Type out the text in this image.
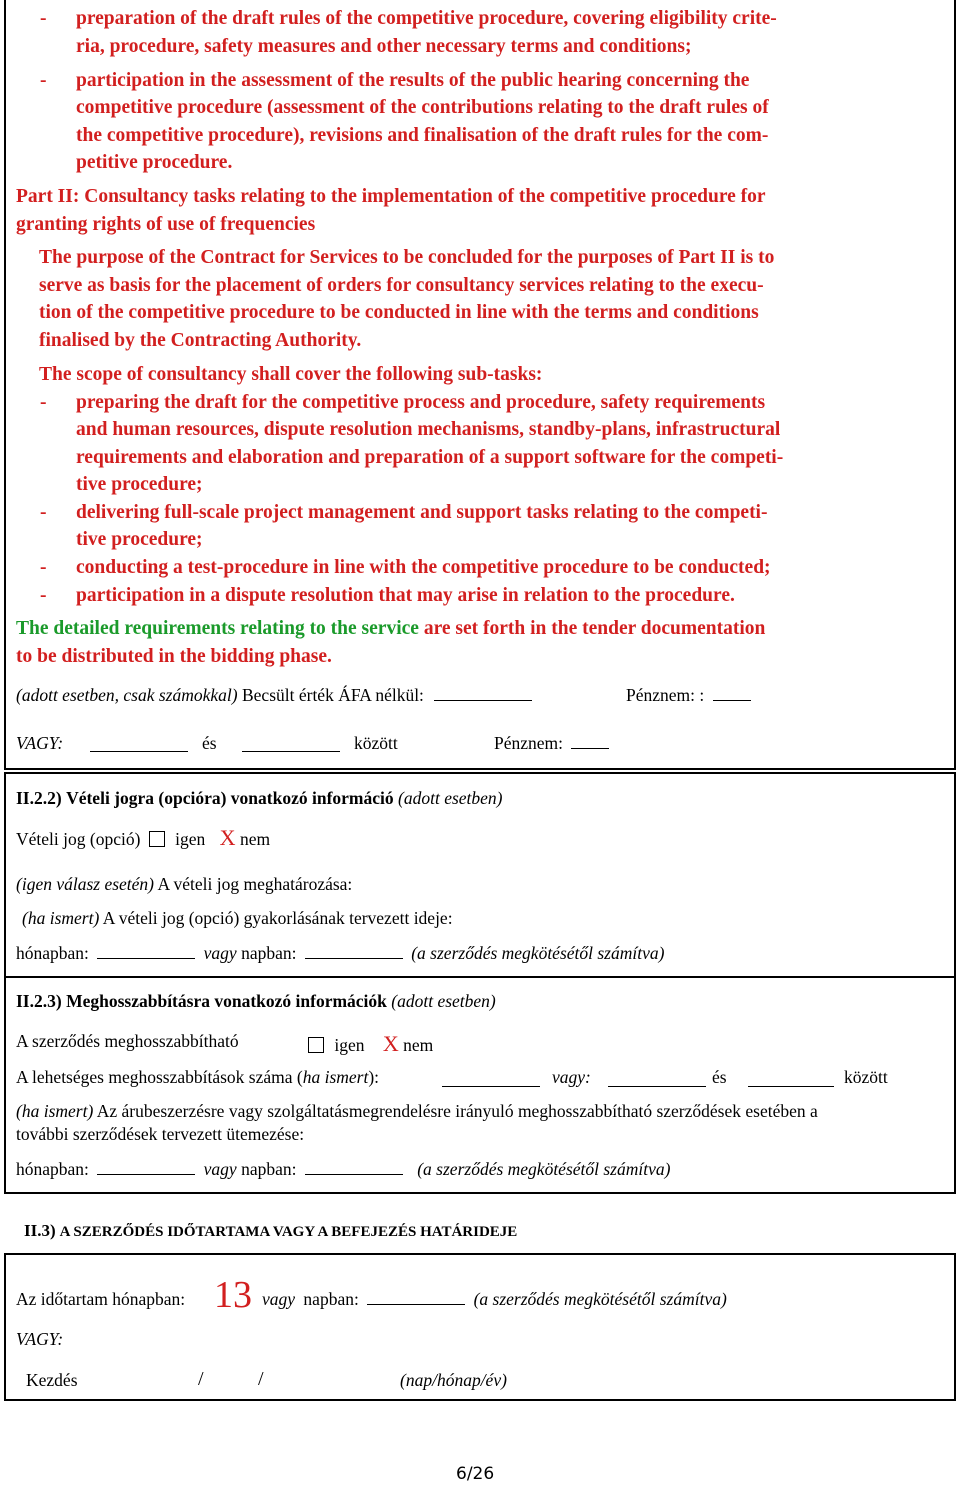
- preparation of the draft rules of the competitive procedure, covering eligibility crite-
ria, procedure, safety measures and other necessary terms and conditions;
- participation in the assessment of the results of the public hearing concerning the
competitive procedure (assessment of the contributions relating to the draft rules of
the competitive procedure), revisions and finalisation of the draft rules for the com-
petitive procedure.
Part II: Consultancy tasks relating to the implementation of the competitive procedure for
granting rights of use of frequencies
The purpose of the Contract for Services to be concluded for the purposes of Part II is to
serve as basis for the placement of orders for consultancy services relating to the execu-
tion of the competitive procedure to be conducted in line with the terms and conditions
finalised by the Contracting Authority.
The scope of consultancy shall cover the following sub-tasks:
- preparing the draft for the competitive process and procedure, safety requirements
and human resources, dispute resolution mechanisms, standby-plans, infrastructural
requirements and elaboration and preparation of a support software for the competi-
tive procedure;
- delivering full-scale project management and support tasks relating to the competi-
tive procedure;
- conducting a test-procedure in line with the competitive procedure to be conducted;
- participation in a dispute resolution that may arise in relation to the procedure.
The detailed requirements relating to the service are set forth in the tender documentation
to be distributed in the bidding phase.
(adott esetben, csak számokkal) Becsült érték ÁFA nélkül:	Pénznem: :
VAGY:	és	között	Pénznem:
II.2.2) Vételi jogra (opcióra) vonatkozó információ (adott esetben)
Vételi jog (opció) igen X nem
(igen válasz esetén) A vételi jog meghatározása:
(ha ismert) A vételi jog (opció) gyakorlásának tervezett ideje:
hónapban:	vagy napban:	(a szerződés megkötésétől számítva)
II.2.3) Meghosszabbításra vonatkozó információk (adott esetben)
A szerződés meghosszabbítható	igen X nem
A lehetséges meghosszabbítások száma (ha ismert):	vagy:	és	között
(ha ismert) Az árubeszerzésre vagy szolgáltatásmegrendelésre irányuló meghosszabbítható szerződések esetében a
további szerződések tervezett ütemezése:
hónapban:	vagy napban:	(a szerződés megkötésétől számítva)
II.3) A SZERZŐDÉS IDŐTARTAMA VAGY A BEFEJEZÉS HATÁRIDEJE
Az időtartam hónapban: 13 vagy napban:	(a szerződés megkötésétől számítva)
VAGY:
Kezdés	/	/	(nap/hónap/év)
6/26
